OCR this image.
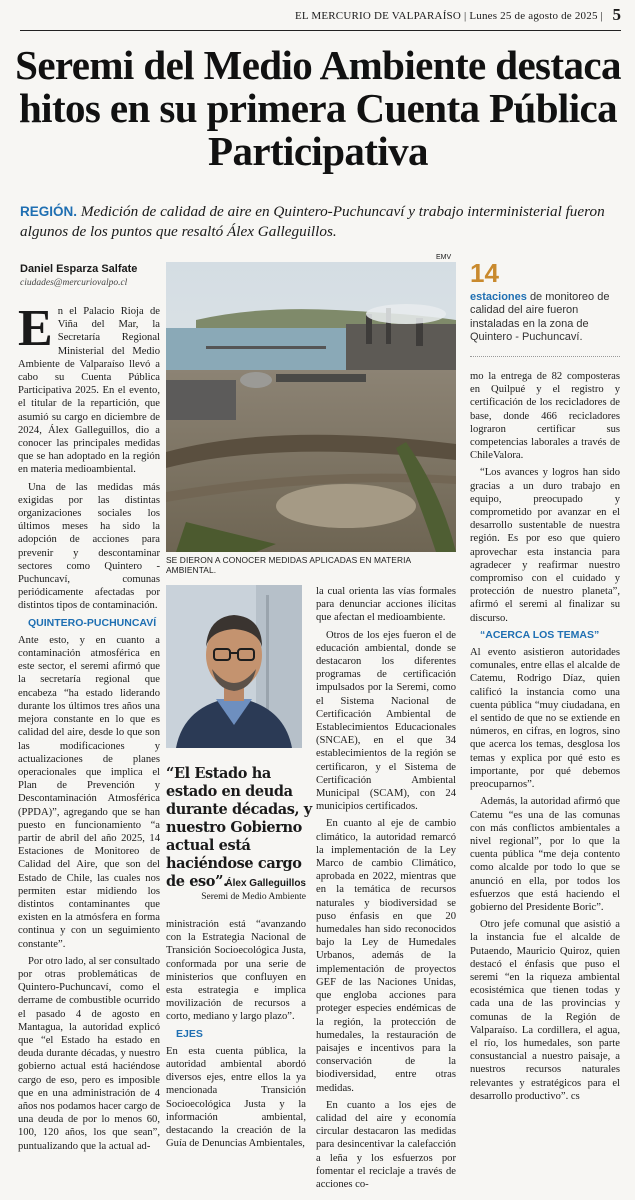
EL MERCURIO DE VALPARAÍSO | Lunes 25 de agosto de 2025 | 5
Seremi del Medio Ambiente destaca hitos en su primera Cuenta Pública Participativa
REGIÓN. Medición de calidad de aire en Quintero-Puchuncaví y trabajo interministerial fueron algunos de los puntos que resaltó Álex Galleguillos.
Daniel Esparza Salfate
ciudades@mercuriovalpo.cl

En el Palacio Rioja de Viña del Mar, la Secretaría Regional Ministerial del Medio Ambiente de Valparaíso llevó a cabo su Cuenta Pública Participativa 2025. En el evento, el titular de la repartición, que asumió su cargo en diciembre de 2024, Álex Galleguillos, dio a conocer las principales medidas que se han adoptado en la región en materia medioambiental.

Una de las medidas más exigidas por las distintas organizaciones sociales los últimos meses ha sido la adopción de acciones para prevenir y descontaminar sectores como Quintero - Puchuncaví, comunas periódicamente afectadas por distintos tipos de contaminación.

QUINTERO-PUCHUNCAVÍ

Ante esto, y en cuanto a contaminación atmosférica en este sector, el seremi afirmó que la secretaría regional que encabeza “ha estado liderando durante los últimos tres años una mejora constante en lo que es calidad del aire, desde lo que son las modificaciones y actualizaciones de planes operacionales que implica el Plan de Prevención y Descontaminación Atmosférica (PPDA)”, agregando que se han puesto en funcionamiento “a partir de abril del año 2025, 14 Estaciones de Monitoreo de Calidad del Aire, que son del Estado de Chile, las cuales nos permiten estar midiendo los distintos contaminantes que existen en la atmósfera en forma continua y con un seguimiento constante”.

Por otro lado, al ser consultado por otras problemáticas de Quintero-Puchuncaví, como el derrame de combustible ocurrido el pasado 4 de agosto en Mantagua, la autoridad explicó que “el Estado ha estado en deuda durante décadas, y nuestro gobierno actual está haciéndose cargo de eso, pero es imposible que en una administración de 4 años nos podamos hacer cargo de una deuda de por lo menos 60, 100, 120 años, los que sean”, puntualizando que la actual ad-

EMV
SE DIERON A CONOCER MEDIDAS APLICADAS EN MATERIA AMBIENTAL.
“El Estado ha estado en deuda durante décadas, y nuestro Gobierno actual está haciéndose cargo de eso”.
Álex Galleguillos
Seremi de Medio Ambiente

ministración está “avanzando con la Estrategia Nacional de Transición Socioecológica Justa, conformada por una serie de ministerios que confluyen en esta estrategia e implica movilización de recursos a corto, mediano y largo plazo”.

EJES

En esta cuenta pública, la autoridad ambiental abordó diversos ejes, entre ellos la ya mencionada Transición Socioecológica Justa y la información ambiental, destacando la creación de la Guía de Denuncias Ambientales,

la cual orienta las vías formales para denunciar acciones ilícitas que afectan el medioambiente.

Otros de los ejes fueron el de educación ambiental, donde se destacaron los diferentes programas de certificación impulsados por la Seremi, como el Sistema Nacional de Certificación Ambiental de Establecimientos Educacionales (SNCAE), en el que 34 establecimientos de la región se certificaron, y el Sistema de Certificación Ambiental Municipal (SCAM), con 24 municipios certificados.

En cuanto al eje de cambio climático, la autoridad remarcó la implementación de la Ley Marco de cambio Climático, aprobada en 2022, mientras que en la temática de recursos naturales y biodiversidad se puso énfasis en que 20 humedales han sido reconocidos bajo la Ley de Humedales Urbanos, además de la implementación de proyectos GEF de las Naciones Unidas, que engloba acciones para proteger especies endémicas de la región, la protección de humedales, la restauración de paisajes e incentivos para la conservación de la biodiversidad, entre otras medidas.

En cuanto a los ejes de calidad del aire y economía circular destacaron las medidas para desincentivar la calefacción a leña y los esfuerzos por fomentar el reciclaje a través de acciones co-

14
estaciones de monitoreo de calidad del aire fueron instaladas en la zona de Quintero - Puchuncaví.

mo la entrega de 82 composteras en Quilpué y el registro y certificación de los recicladores de base, donde 466 recicladores lograron certificar sus competencias laborales a través de ChileValora.

“Los avances y logros han sido gracias a un duro trabajo en equipo, preocupado y comprometido por avanzar en el desarrollo sustentable de nuestra región. Es por eso que quiero aprovechar esta instancia para agradecer y reafirmar nuestro compromiso con el cuidado y protección de nuestro planeta”, afirmó el seremi al finalizar su discurso.

“ACERCA LOS TEMAS”

Al evento asistieron autoridades comunales, entre ellas el alcalde de Catemu, Rodrigo Díaz, quien calificó la instancia como una cuenta pública “muy ciudadana, en el sentido de que no se extiende en números, en cifras, en logros, sino que acerca los temas, desglosa los temas y explica por qué esto es importante, por qué debemos preocuparnos”.

Además, la autoridad afirmó que Catemu “es una de las comunas con más conflictos ambientales a nivel regional”, por lo que la cuenta pública “me deja contento como alcalde por todo lo que se anunció en ella, por todos los esfuerzos que está haciendo el gobierno del Presidente Boric”.

Otro jefe comunal que asistió a la instancia fue el alcalde de Putaendo, Mauricio Quiroz, quien destacó el énfasis que puso el seremi “en la riqueza ambiental ecosistémica que tienen todas y cada una de las provincias y comunas de la Región de Valparaíso. La cordillera, el agua, el río, los humedales, son parte consustancial a nuestro paisaje, a nuestros recursos naturales relevantes y estratégicos para el desarrollo productivo”. cs
